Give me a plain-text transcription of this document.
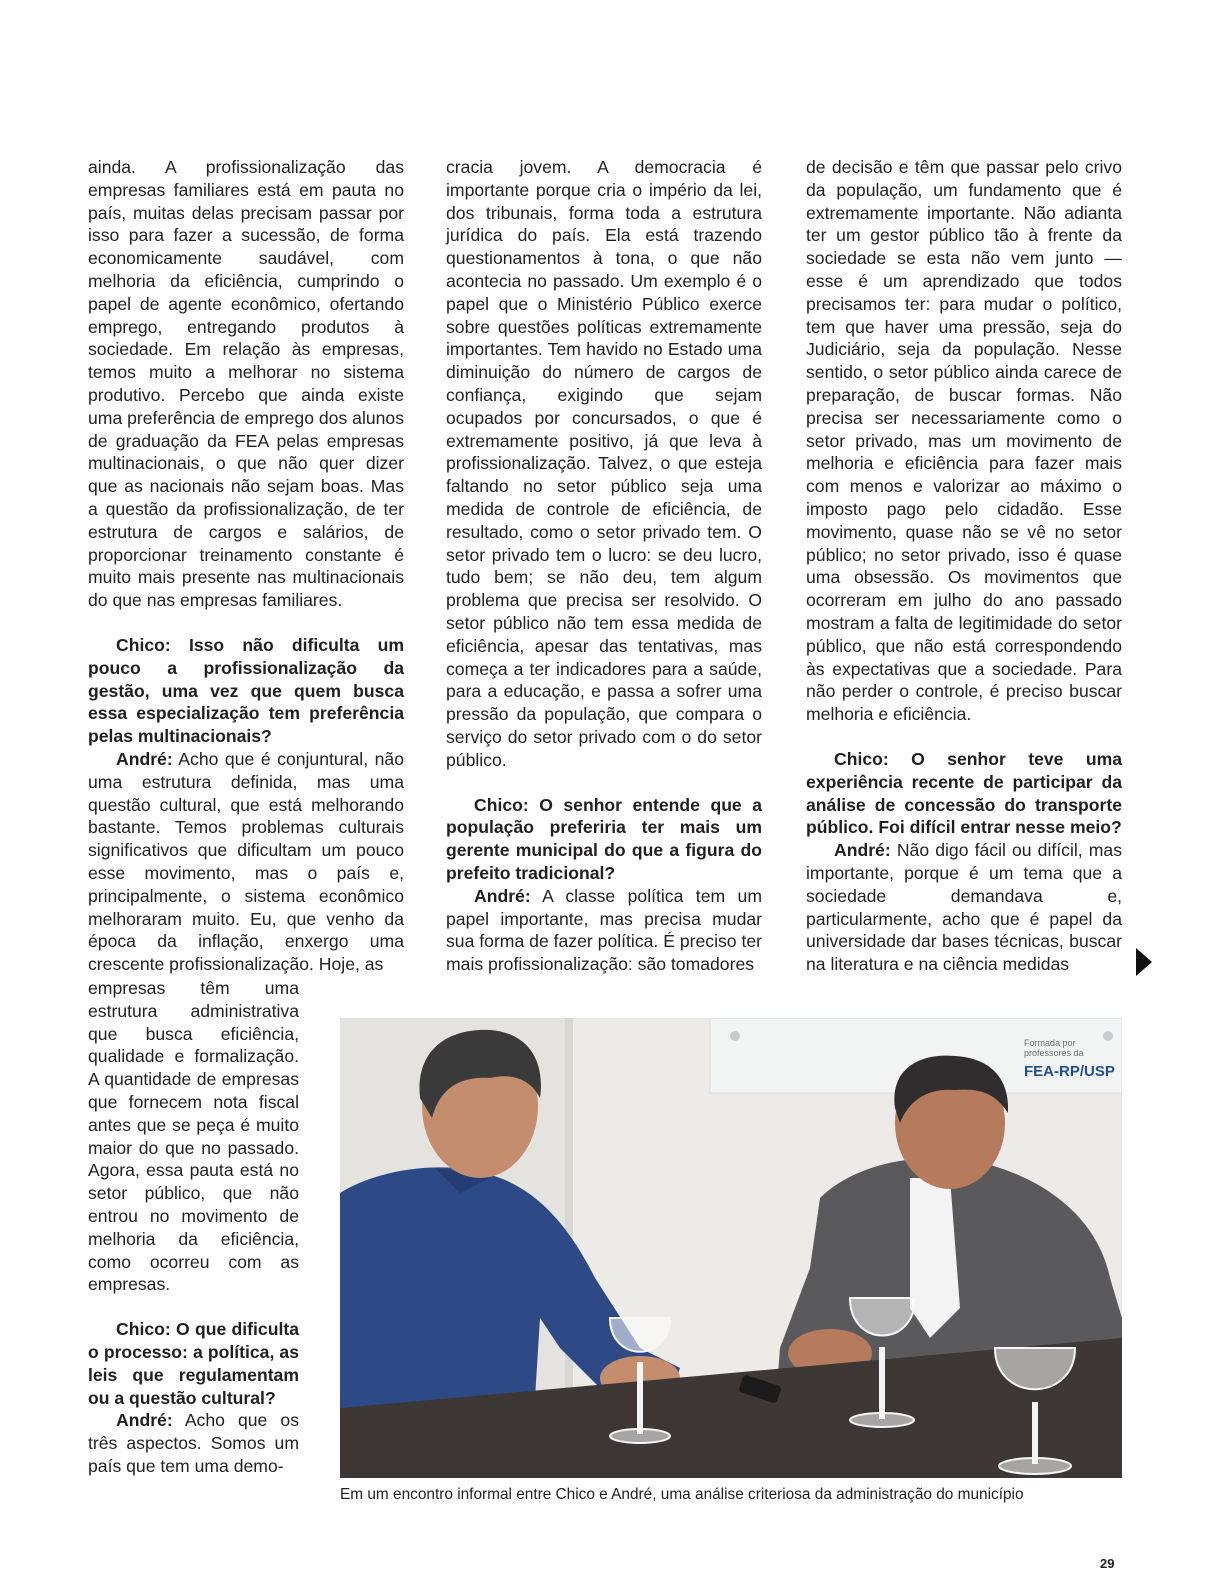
ainda. A profissionalização das empresas familiares está em pauta no país, muitas delas precisam passar por isso para fazer a sucessão, de forma economicamente saudável, com melhoria da eficiência, cumprindo o papel de agente econômico, ofertando emprego, entregando produtos à sociedade. Em relação às empresas, temos muito a melhorar no sistema produtivo. Percebo que ainda existe uma preferência de emprego dos alunos de graduação da FEA pelas empresas multinacionais, o que não quer dizer que as nacionais não sejam boas. Mas a questão da profissionalização, de ter estrutura de cargos e salários, de proporcionar treinamento constante é muito mais presente nas multinacionais do que nas empresas familiares.

Chico: Isso não dificulta um pouco a profissionalização da gestão, uma vez que quem busca essa especialização tem preferência pelas multinacionais?

André: Acho que é conjuntural, não uma estrutura definida, mas uma questão cultural, que está melhorando bastante. Temos problemas culturais significativos que dificultam um pouco esse movimento, mas o país e, principalmente, o sistema econômico melhoraram muito. Eu, que venho da época da inflação, enxergo uma crescente profissionalização. Hoje, as

empresas têm uma estrutura administrativa que busca eficiência, qualidade e formalização. A quantidade de empresas que fornecem nota fiscal antes que se peça é muito maior do que no passado. Agora, essa pauta está no setor público, que não entrou no movimento de melhoria da eficiência, como ocorreu com as empresas.

Chico: O que dificulta o processo: a política, as leis que regulamentam ou a questão cultural?

André: Acho que os três aspectos. Somos um país que tem uma demo-

cracia jovem. A democracia é importante porque cria o império da lei, dos tribunais, forma toda a estrutura jurídica do país. Ela está trazendo questionamentos à tona, o que não acontecia no passado. Um exemplo é o papel que o Ministério Público exerce sobre questões políticas extremamente importantes. Tem havido no Estado uma diminuição do número de cargos de confiança, exigindo que sejam ocupados por concursados, o que é extremamente positivo, já que leva à profissionalização. Talvez, o que esteja faltando no setor público seja uma medida de controle de eficiência, de resultado, como o setor privado tem. O setor privado tem o lucro: se deu lucro, tudo bem; se não deu, tem algum problema que precisa ser resolvido. O setor público não tem essa medida de eficiência, apesar das tentativas, mas começa a ter indicadores para a saúde, para a educação, e passa a sofrer uma pressão da população, que compara o serviço do setor privado com o do setor público.

Chico: O senhor entende que a população preferiria ter mais um gerente municipal do que a figura do prefeito tradicional?

André: A classe política tem um papel importante, mas precisa mudar sua forma de fazer política. É preciso ter mais profissionalização: são tomadores

de decisão e têm que passar pelo crivo da população, um fundamento que é extremamente importante. Não adianta ter um gestor público tão à frente da sociedade se esta não vem junto — esse é um aprendizado que todos precisamos ter: para mudar o político, tem que haver uma pressão, seja do Judiciário, seja da população. Nesse sentido, o setor público ainda carece de preparação, de buscar formas. Não precisa ser necessariamente como o setor privado, mas um movimento de melhoria e eficiência para fazer mais com menos e valorizar ao máximo o imposto pago pelo cidadão. Esse movimento, quase não se vê no setor público; no setor privado, isso é quase uma obsessão. Os movimentos que ocorreram em julho do ano passado mostram a falta de legitimidade do setor público, que não está correspondendo às expectativas que a sociedade. Para não perder o controle, é preciso buscar melhoria e eficiência.

Chico: O senhor teve uma experiência recente de participar da análise de concessão do transporte público. Foi difícil entrar nesse meio?

André: Não digo fácil ou difícil, mas importante, porque é um tema que a sociedade demandava e, particularmente, acho que é papel da universidade dar bases técnicas, buscar na literatura e na ciência medidas

Formada por
professores da
FEA-RP/USP
Em um encontro informal entre Chico e André, uma análise criteriosa da administração do município
29
